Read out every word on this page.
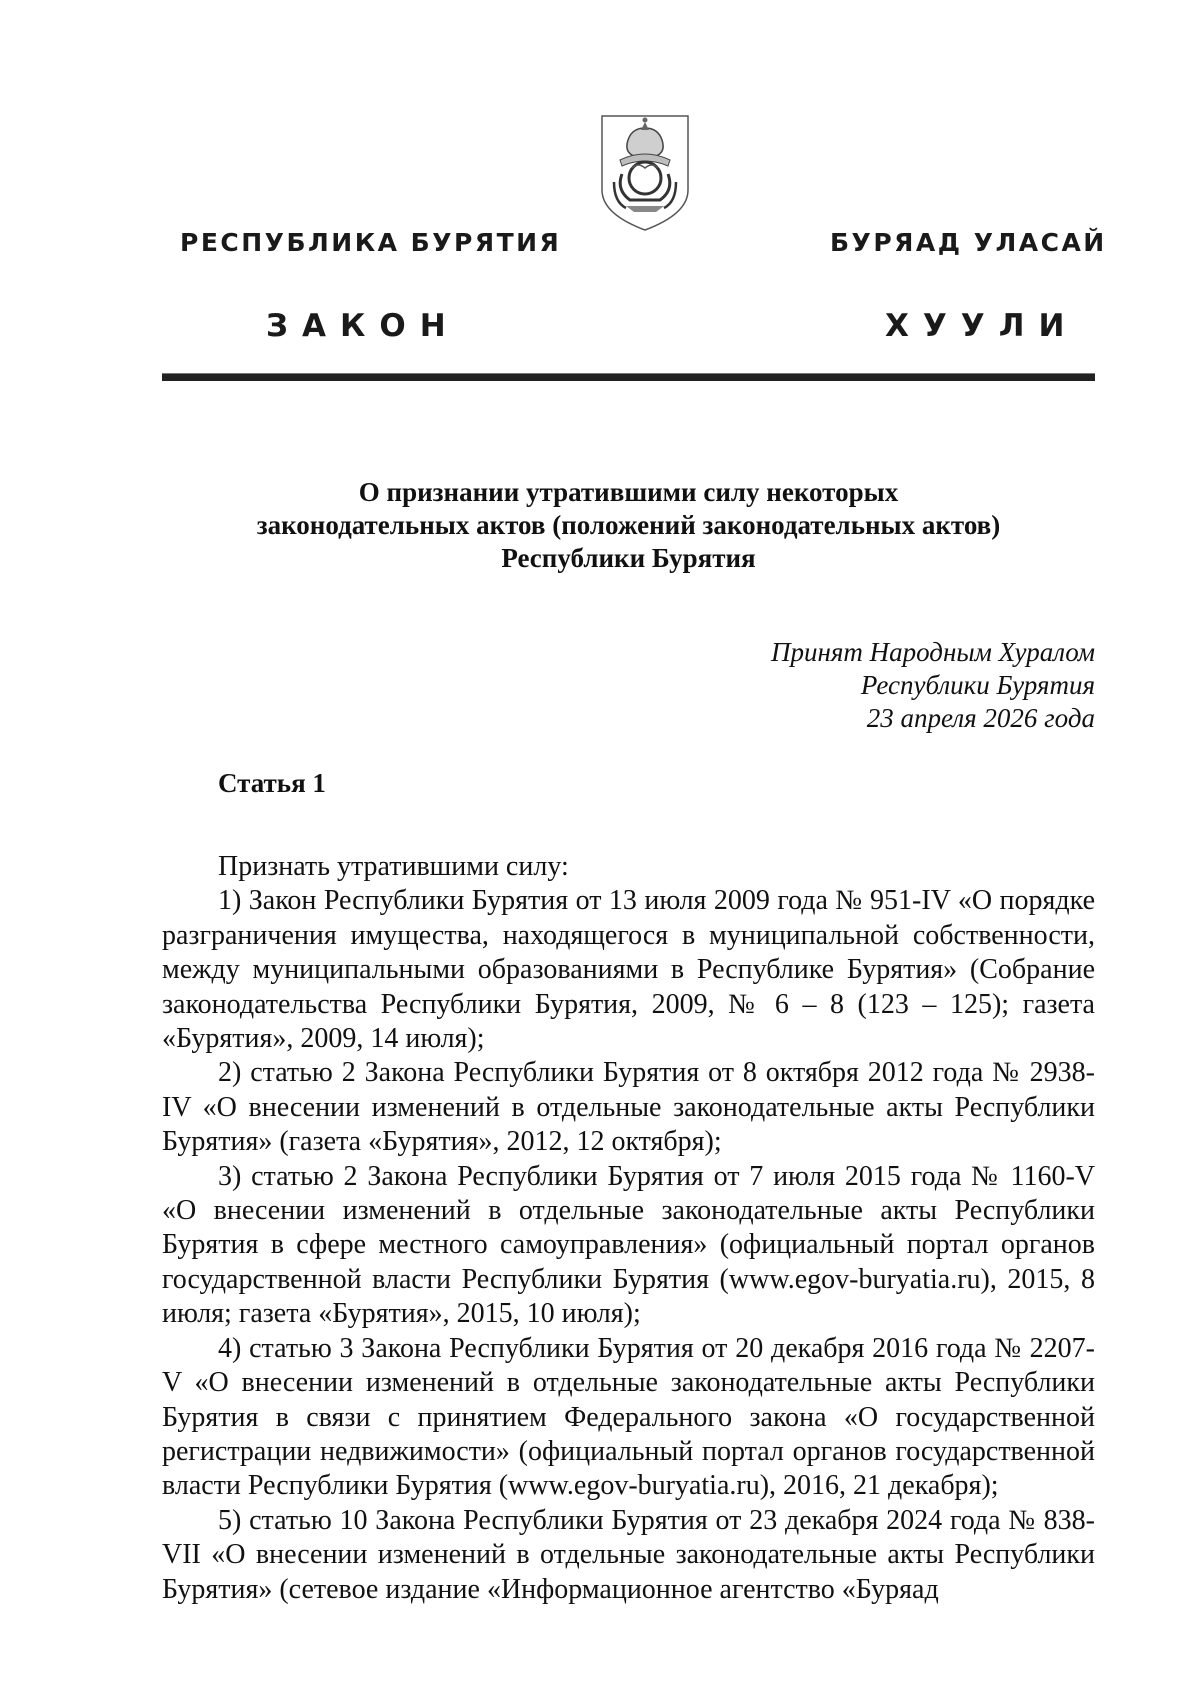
РЕСПУБЛИКА БУРЯТИЯ	БУРЯАД УЛАСАЙ
ЗАКОН	ХУУЛИ
О признании утратившими силу некоторых
законодательных актов (положений законодательных актов)
Республики Бурятия
Принят Народным Хуралом
Республики Бурятия
23 апреля 2026 года
Статья 1

Признать утратившими силу:

1) Закон Республики Бурятия от 13 июля 2009 года № 951-IV «О порядке разграничения имущества, находящегося в муниципальной собственности, между муниципальными образованиями в Республике Бурятия» (Собрание законодательства Республики Бурятия, 2009, № 6 – 8 (123 – 125); газета «Бурятия», 2009, 14 июля);

2) статью 2 Закона Республики Бурятия от 8 октября 2012 года № 2938-IV «О внесении изменений в отдельные законодательные акты Республики Бурятия» (газета «Бурятия», 2012, 12 октября);

3) статью 2 Закона Республики Бурятия от 7 июля 2015 года № 1160-V «О внесении изменений в отдельные законодательные акты Республики Бурятия в сфере местного самоуправления» (официальный портал органов государственной власти Республики Бурятия (www.egov-buryatia.ru), 2015, 8 июля; газета «Бурятия», 2015, 10 июля);

4) статью 3 Закона Республики Бурятия от 20 декабря 2016 года № 2207-V «О внесении изменений в отдельные законодательные акты Республики Бурятия в связи с принятием Федерального закона «О государственной регистрации недвижимости» (официальный портал органов государственной власти Республики Бурятия (www.egov-buryatia.ru), 2016, 21 декабря);

5) статью 10 Закона Республики Бурятия от 23 декабря 2024 года № 838-VII «О внесении изменений в отдельные законодательные акты Республики Бурятия» (сетевое издание «Информационное агентство «Буряад
